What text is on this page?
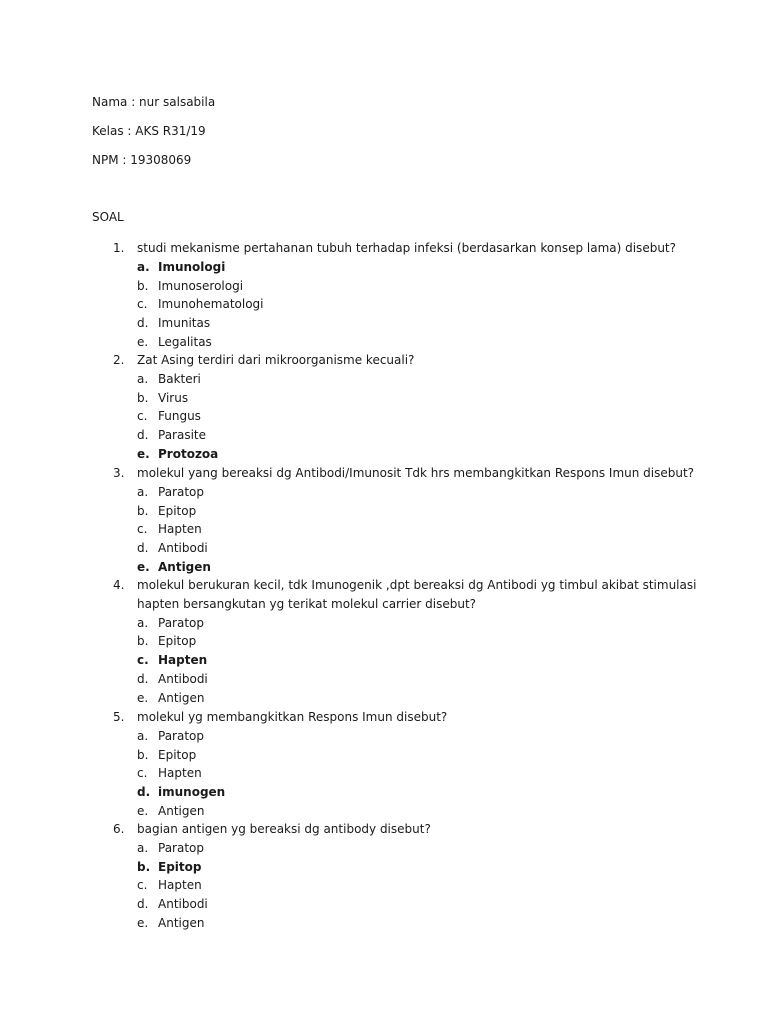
Nama : nur salsabila
Kelas : AKS R31/19
NPM : 19308069
SOAL
1. studi mekanisme pertahanan tubuh terhadap infeksi (berdasarkan konsep lama) disebut?
a. Imunologi
b. Imunoserologi
c. Imunohematologi
d. Imunitas
e. Legalitas
2. Zat Asing terdiri dari mikroorganisme kecuali?
a. Bakteri
b. Virus
c. Fungus
d. Parasite
e. Protozoa
3. molekul yang bereaksi dg Antibodi/Imunosit Tdk hrs membangkitkan Respons Imun disebut?
a. Paratop
b. Epitop
c. Hapten
d. Antibodi
e. Antigen
4. molekul berukuran kecil, tdk Imunogenik ,dpt bereaksi dg Antibodi yg timbul akibat stimulasi
hapten bersangkutan yg terikat molekul carrier disebut?
a. Paratop
b. Epitop
c. Hapten
d. Antibodi
e. Antigen
5. molekul yg membangkitkan Respons Imun disebut?
a. Paratop
b. Epitop
c. Hapten
d. imunogen
e. Antigen
6. bagian antigen yg bereaksi dg antibody disebut?
a. Paratop
b. Epitop
c. Hapten
d. Antibodi
e. Antigen
